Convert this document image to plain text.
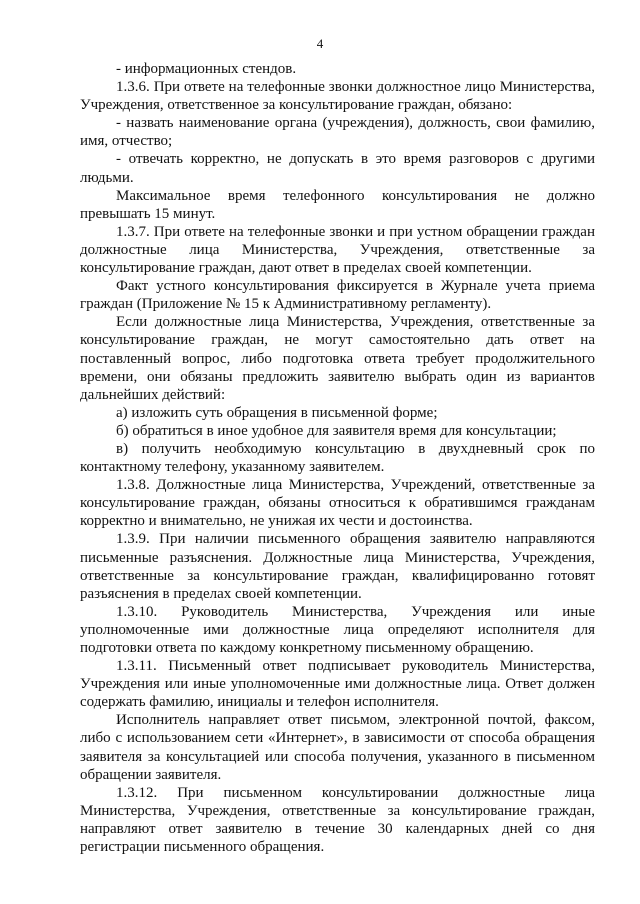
4

- информационных стендов.

1.3.6. При ответе на телефонные звонки должностное лицо Министерства, Учреждения, ответственное за консультирование граждан, обязано:

- назвать наименование органа (учреждения), должность, свои фамилию, имя, отчество;

- отвечать корректно, не допускать в это время разговоров с другими людьми.

Максимальное время телефонного консультирования не должно превышать 15 минут.

1.3.7. При ответе на телефонные звонки и при устном обращении граждан должностные лица Министерства, Учреждения, ответственные за консультирование граждан, дают ответ в пределах своей компетенции.

Факт устного консультирования фиксируется в Журнале учета приема граждан (Приложение № 15 к Административному регламенту).

Если должностные лица Министерства, Учреждения, ответственные за консультирование граждан, не могут самостоятельно дать ответ на поставленный вопрос, либо подготовка ответа требует продолжительного времени, они обязаны предложить заявителю выбрать один из вариантов дальнейших действий:

а) изложить суть обращения в письменной форме;

б) обратиться в иное удобное для заявителя время для консультации;

в) получить необходимую консультацию в двухдневный срок по контактному телефону, указанному заявителем.

1.3.8. Должностные лица Министерства, Учреждений, ответственные за консультирование граждан, обязаны относиться к обратившимся гражданам корректно и внимательно, не унижая их чести и достоинства.

1.3.9. При наличии письменного обращения заявителю направляются письменные разъяснения. Должностные лица Министерства, Учреждения, ответственные за консультирование граждан, квалифицированно готовят разъяснения в пределах своей компетенции.

1.3.10. Руководитель Министерства, Учреждения или иные уполномоченные ими должностные лица определяют исполнителя для подготовки ответа по каждому конкретному письменному обращению.

1.3.11. Письменный ответ подписывает руководитель Министерства, Учреждения или иные уполномоченные ими должностные лица. Ответ должен содержать фамилию, инициалы и телефон исполнителя.

Исполнитель направляет ответ письмом, электронной почтой, факсом, либо с использованием сети «Интернет», в зависимости от способа обращения заявителя за консультацией или способа получения, указанного в письменном обращении заявителя.

1.3.12. При письменном консультировании должностные лица Министерства, Учреждения, ответственные за консультирование граждан, направляют ответ заявителю в течение 30 календарных дней со дня регистрации письменного обращения.
